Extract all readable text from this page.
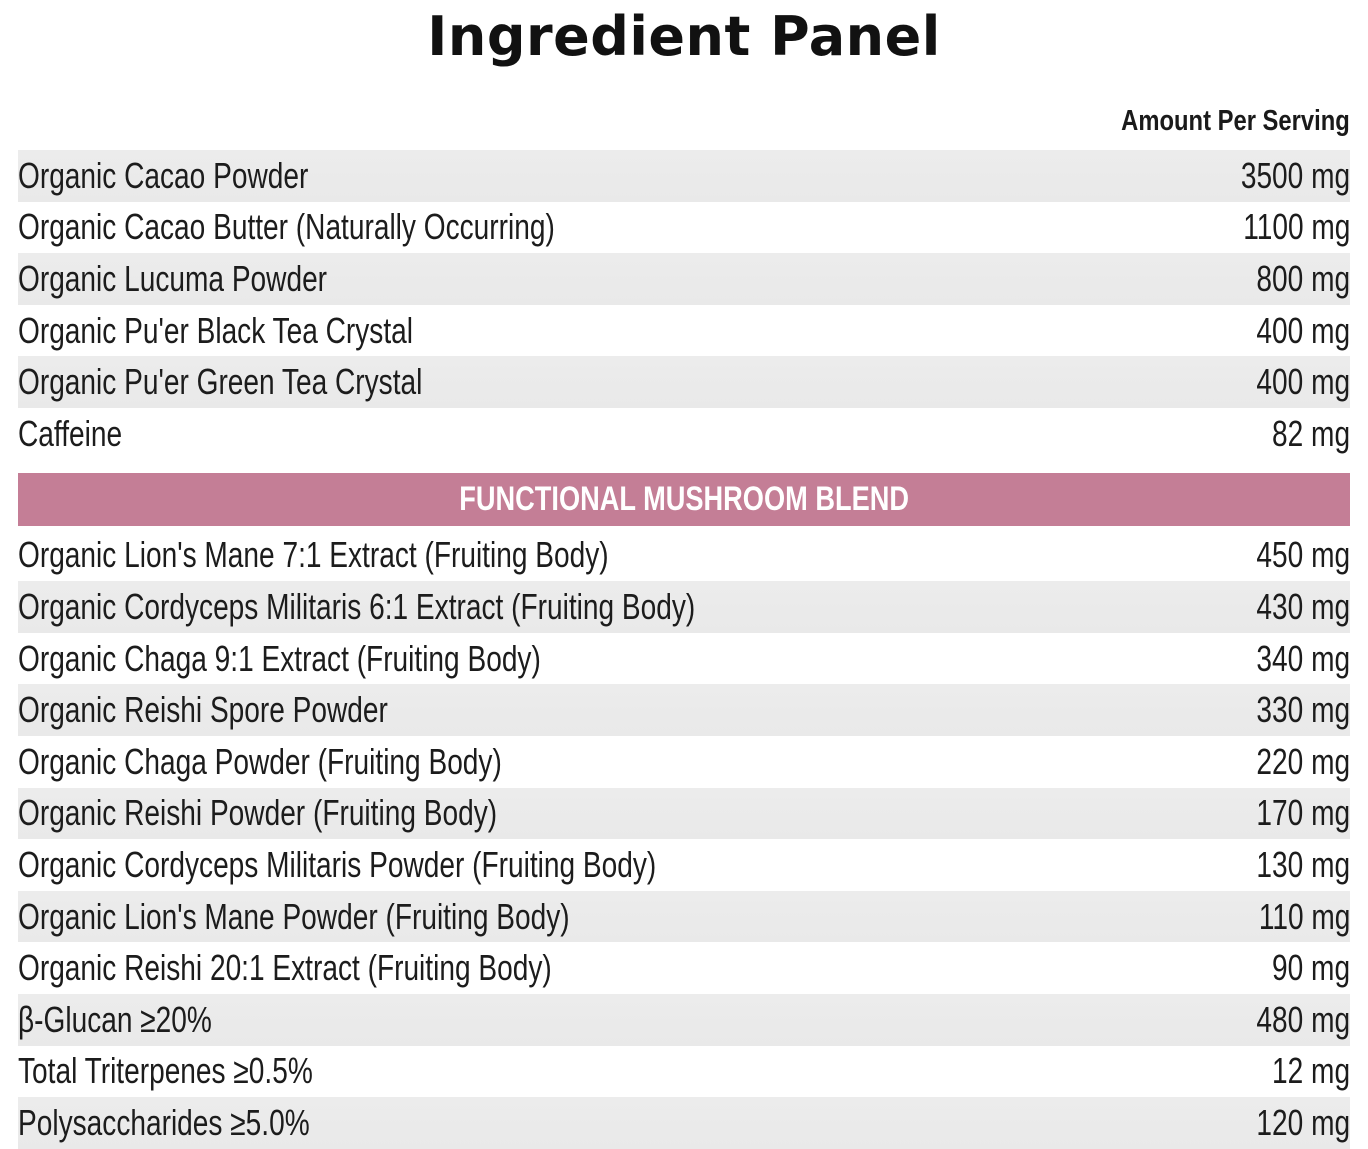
Ingredient Panel
Amount Per Serving
Organic Cacao Powder	3500 mg
Organic Cacao Butter (Naturally Occurring)	1100 mg
Organic Lucuma Powder	800 mg
Organic Pu'er Black Tea Crystal	400 mg
Organic Pu'er Green Tea Crystal	400 mg
Caffeine	82 mg
FUNCTIONAL MUSHROOM BLEND
Organic Lion's Mane 7:1 Extract (Fruiting Body)	450 mg
Organic Cordyceps Militaris 6:1 Extract (Fruiting Body)	430 mg
Organic Chaga 9:1 Extract (Fruiting Body)	340 mg
Organic Reishi Spore Powder	330 mg
Organic Chaga Powder (Fruiting Body)	220 mg
Organic Reishi Powder (Fruiting Body)	170 mg
Organic Cordyceps Militaris Powder (Fruiting Body)	130 mg
Organic Lion's Mane Powder (Fruiting Body)	110 mg
Organic Reishi 20:1 Extract (Fruiting Body)	90 mg
β-Glucan ≥20%	480 mg
Total Triterpenes ≥0.5%	12 mg
Polysaccharides ≥5.0%	120 mg
